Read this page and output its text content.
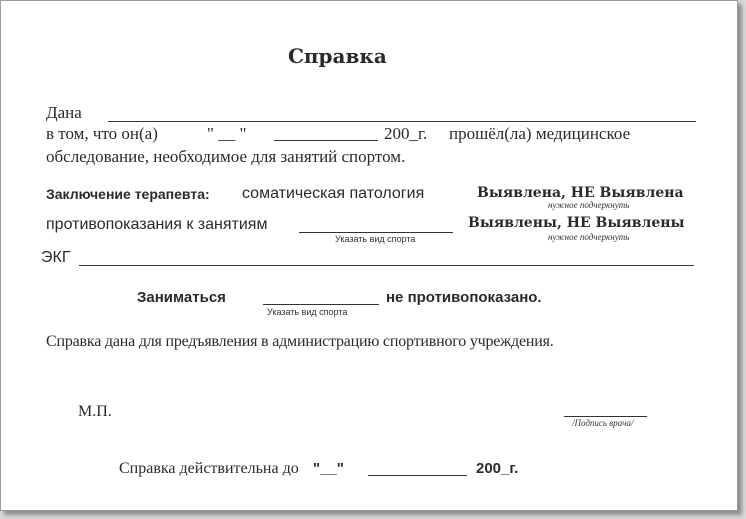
Справка
Дана
в том, что он(а)	" __ "	200_г. прошёл(ла) медицинское
обследование, необходимое для занятий спортом.
Заключение терапевта: соматическая патология	Выявлена, НЕ Выявлена
нужное подчеркнуть
противопоказания к занятиям
Указать вид спорта
Выявлены, НЕ Выявлены
нужное подчеркнуть
ЭКГ
Заниматься
Указать вид спорта
не противопоказано.
Справка дана для предъявления в администрацию спортивного учреждения.
М.П.
/Подпись врача/
Справка действительна до "__"	200_г.
